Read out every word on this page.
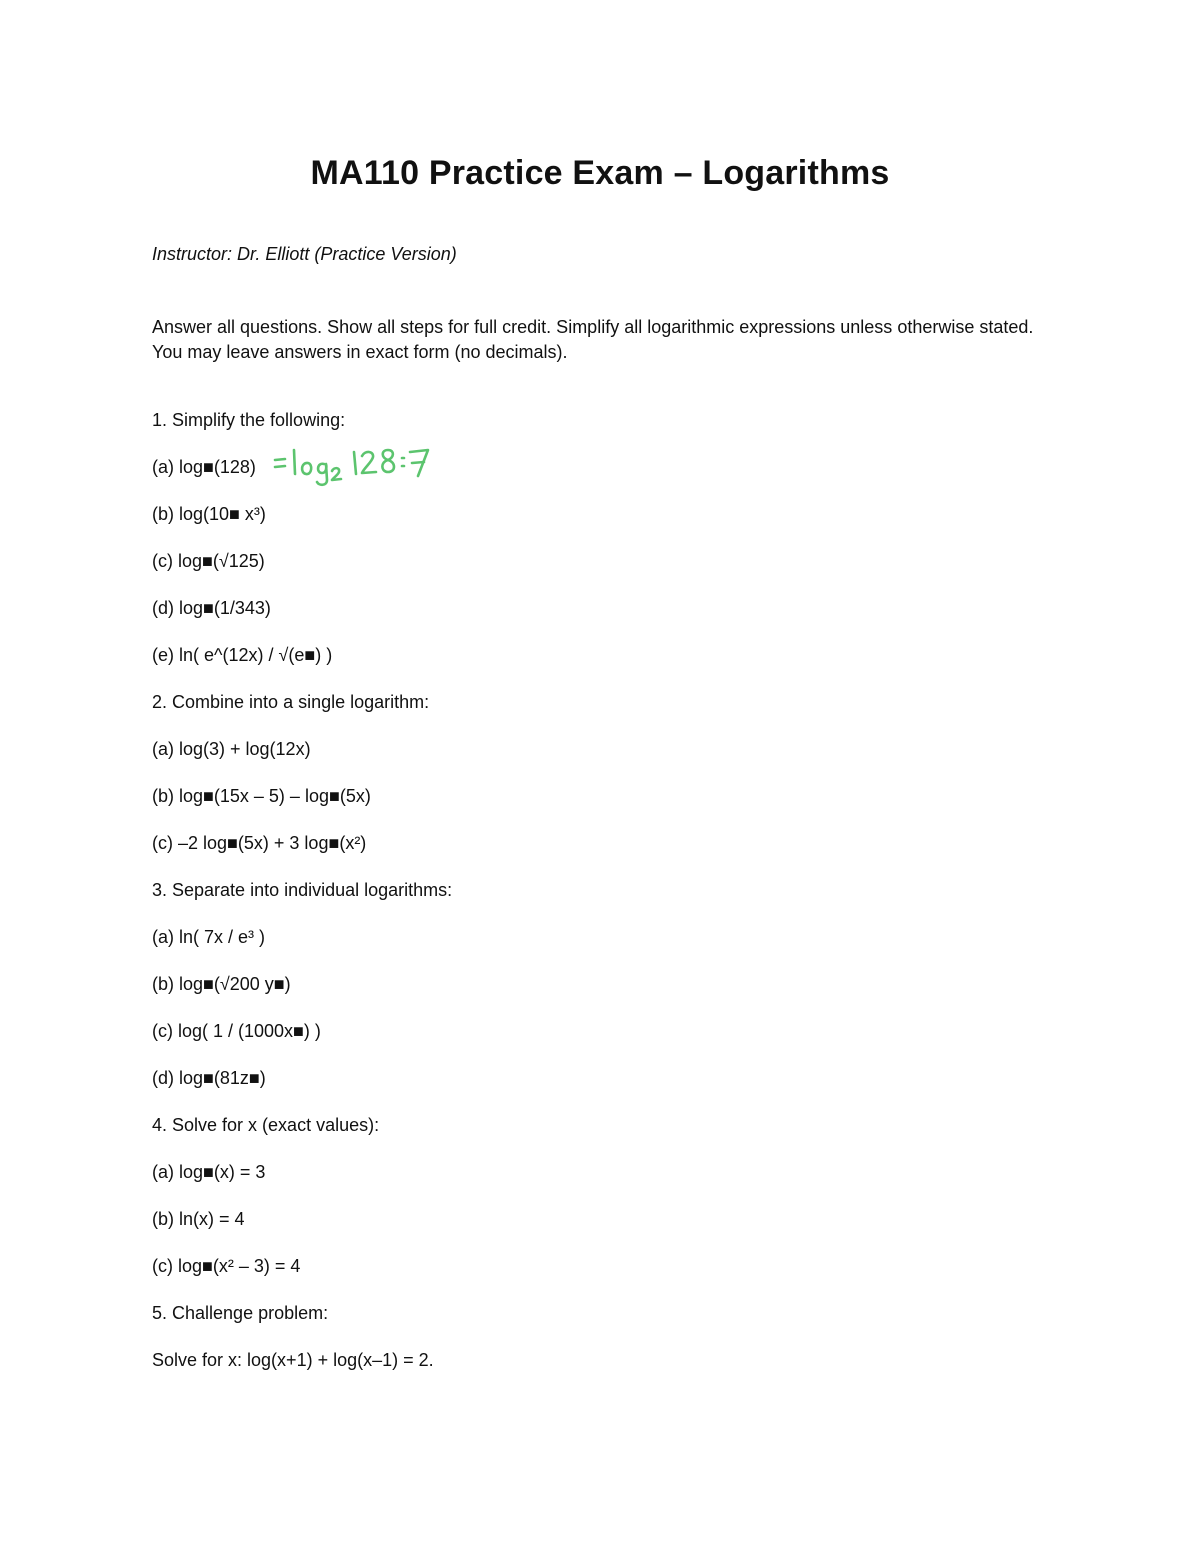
MA110 Practice Exam – Logarithms

Instructor: Dr. Elliott (Practice Version)

Answer all questions. Show all steps for full credit. Simplify all logarithmic expressions unless otherwise stated. You may leave answers in exact form (no decimals).

1. Simplify the following:

(a) log■(128)

(b) log(10■ x³)

(c) log■(√125)

(d) log■(1/343)

(e) ln( e^(12x) / √(e■) )

2. Combine into a single logarithm:

(a) log(3) + log(12x)

(b) log■(15x – 5) – log■(5x)

(c) –2 log■(5x) + 3 log■(x²)

3. Separate into individual logarithms:

(a) ln( 7x / e³ )

(b) log■(√200 y■)

(c) log( 1 / (1000x■) )

(d) log■(81z■)

4. Solve for x (exact values):

(a) log■(x) = 3

(b) ln(x) = 4

(c) log■(x² – 3) = 4

5. Challenge problem:

Solve for x: log(x+1) + log(x–1) = 2.
